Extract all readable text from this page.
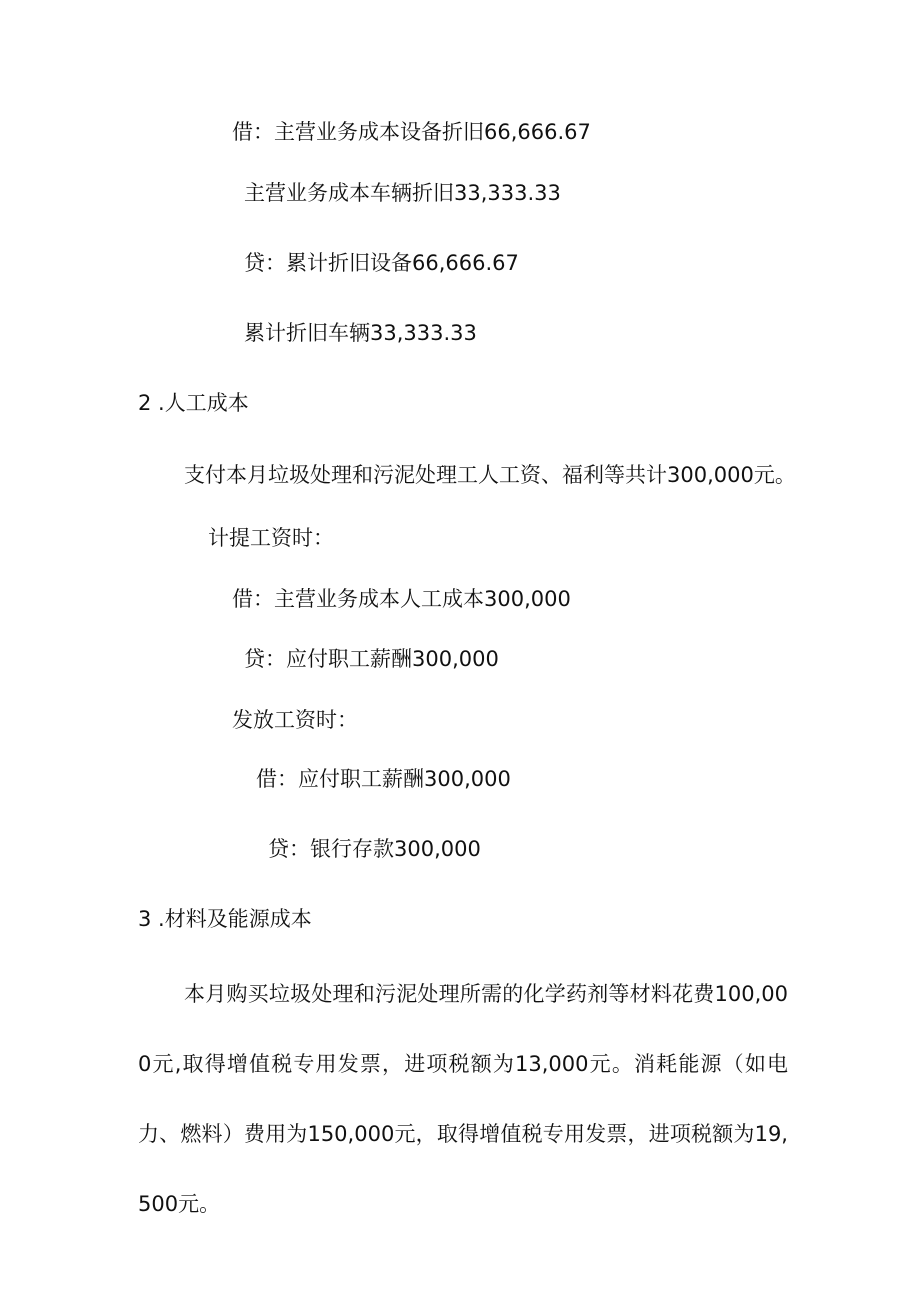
借：主营业务成本设备折旧66,666.67
主营业务成本车辆折旧33,333.33
贷：累计折旧设备66,666.67
累计折旧车辆33,333.33
2 .人工成本
支付本月垃圾处理和污泥处理工人工资、福利等共计300,000元。
计提工资时：
借：主营业务成本人工成本300,000
贷：应付职工薪酬300,000
发放工资时：
借：应付职工薪酬300,000
贷：银行存款300,000
3 .材料及能源成本

本月购买垃圾处理和污泥处理所需的化学药剂等材料花费100,000元,取得增值税专用发票，进项税额为13,000元。消耗能源（如电力、燃料）费用为150,000元，取得增值税专用发票，进项税额为19,500元。
